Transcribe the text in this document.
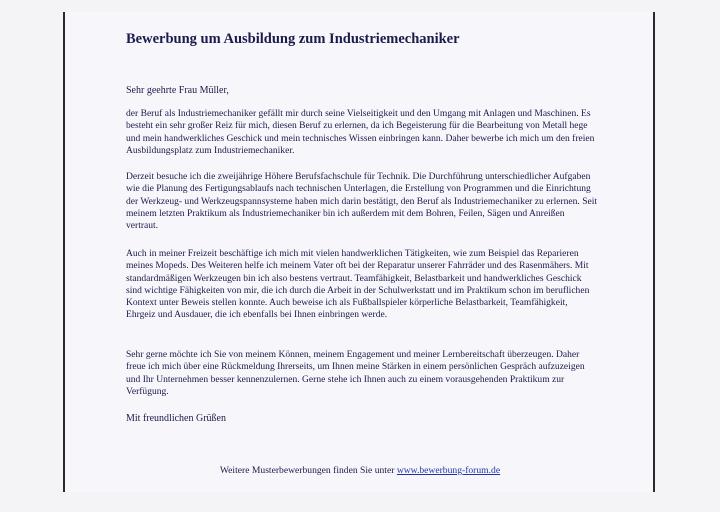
Bewerbung um Ausbildung zum Industriemechaniker

Sehr geehrte Frau Müller,

der Beruf als Industriemechaniker gefällt mir durch seine Vielseitigkeit und den Umgang mit Anlagen und Maschinen. Es besteht ein sehr großer Reiz für mich, diesen Beruf zu erlernen, da ich Begeisterung für die Bearbeitung von Metall hege und mein handwerkliches Geschick und mein technisches Wissen einbringen kann. Daher bewerbe ich mich um den freien Ausbildungsplatz zum Industriemechaniker.

Derzeit besuche ich die zweijährige Höhere Berufsfachschule für Technik. Die Durchführung unterschiedlicher Aufgaben wie die Planung des Fertigungsablaufs nach technischen Unterlagen, die Erstellung von Programmen und die Einrichtung der Werkzeug- und Werkzeugspannsysteme haben mich darin bestätigt, den Beruf als Industriemechaniker zu erlernen. Seit meinem letzten Praktikum als Industriemechaniker bin ich außerdem mit dem Bohren, Feilen, Sägen und Anreißen vertraut.

Auch in meiner Freizeit beschäftige ich mich mit vielen handwerklichen Tätigkeiten, wie zum Beispiel das Reparieren meines Mopeds. Des Weiteren helfe ich meinem Vater oft bei der Reparatur unserer Fahrräder und des Rasenmähers. Mit standardmäßigen Werkzeugen bin ich also bestens vertraut. Teamfähigkeit, Belastbarkeit und handwerkliches Geschick sind wichtige Fähigkeiten von mir, die ich durch die Arbeit in der Schulwerkstatt und im Praktikum schon im beruflichen Kontext unter Beweis stellen konnte. Auch beweise ich als Fußballspieler körperliche Belastbarkeit, Teamfähigkeit, Ehrgeiz und Ausdauer, die ich ebenfalls bei Ihnen einbringen werde.

Sehr gerne möchte ich Sie von meinem Können, meinem Engagement und meiner Lernbereitschaft überzeugen. Daher freue ich mich über eine Rückmeldung Ihrerseits, um Ihnen meine Stärken in einem persönlichen Gespräch aufzuzeigen und Ihr Unternehmen besser kennenzulernen. Gerne stehe ich Ihnen auch zu einem vorausgehenden Praktikum zur Verfügung.

Mit freundlichen Grüßen

Weitere Musterbewerbungen finden Sie unter www.bewerbung-forum.de
